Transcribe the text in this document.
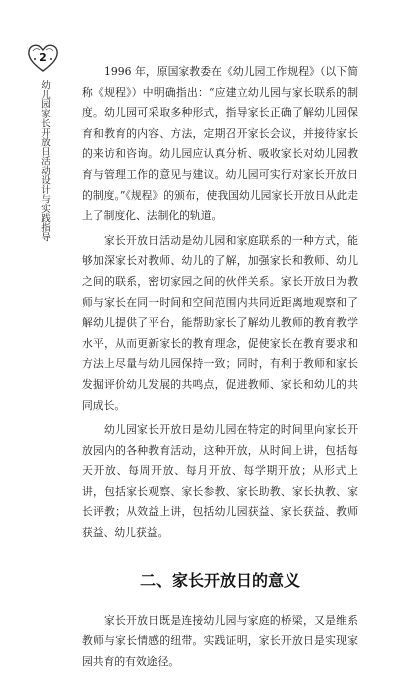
2
幼儿园家长开放日活动设计与实践指导

1996 年，原国家教委在《幼儿园工作规程》（以下简称《规程》）中明确指出：“应建立幼儿园与家长联系的制度。幼儿园可采取多种形式，指导家长正确了解幼儿园保育和教育的内容、方法，定期召开家长会议，并接待家长的来访和咨询。幼儿园应认真分析、吸收家长对幼儿园教育与管理工作的意见与建议。幼儿园可实行对家长开放日的制度。”《规程》的颁布，使我国幼儿园家长开放日从此走上了制度化、法制化的轨道。

家长开放日活动是幼儿园和家庭联系的一种方式，能够加深家长对教师、幼儿的了解，加强家长和教师、幼儿之间的联系，密切家园之间的伙伴关系。家长开放日为教师与家长在同一时间和空间范围内共同近距离地观察和了解幼儿提供了平台，能帮助家长了解幼儿教师的教育教学水平，从而更新家长的教育理念，促使家长在教育要求和方法上尽量与幼儿园保持一致；同时，有利于教师和家长发掘评价幼儿发展的共鸣点，促进教师、家长和幼儿的共同成长。

幼儿园家长开放日是幼儿园在特定的时间里向家长开放园内的各种教育活动，这种开放，从时间上讲，包括每天开放、每周开放、每月开放、每学期开放；从形式上讲，包括家长观察、家长参教、家长助教、家长执教、家长评教；从效益上讲，包括幼儿园获益、家长获益、教师获益、幼儿获益。

二、家长开放日的意义

家长开放日既是连接幼儿园与家庭的桥梁，又是维系教师与家长情感的纽带。实践证明，家长开放日是实现家园共育的有效途径。
